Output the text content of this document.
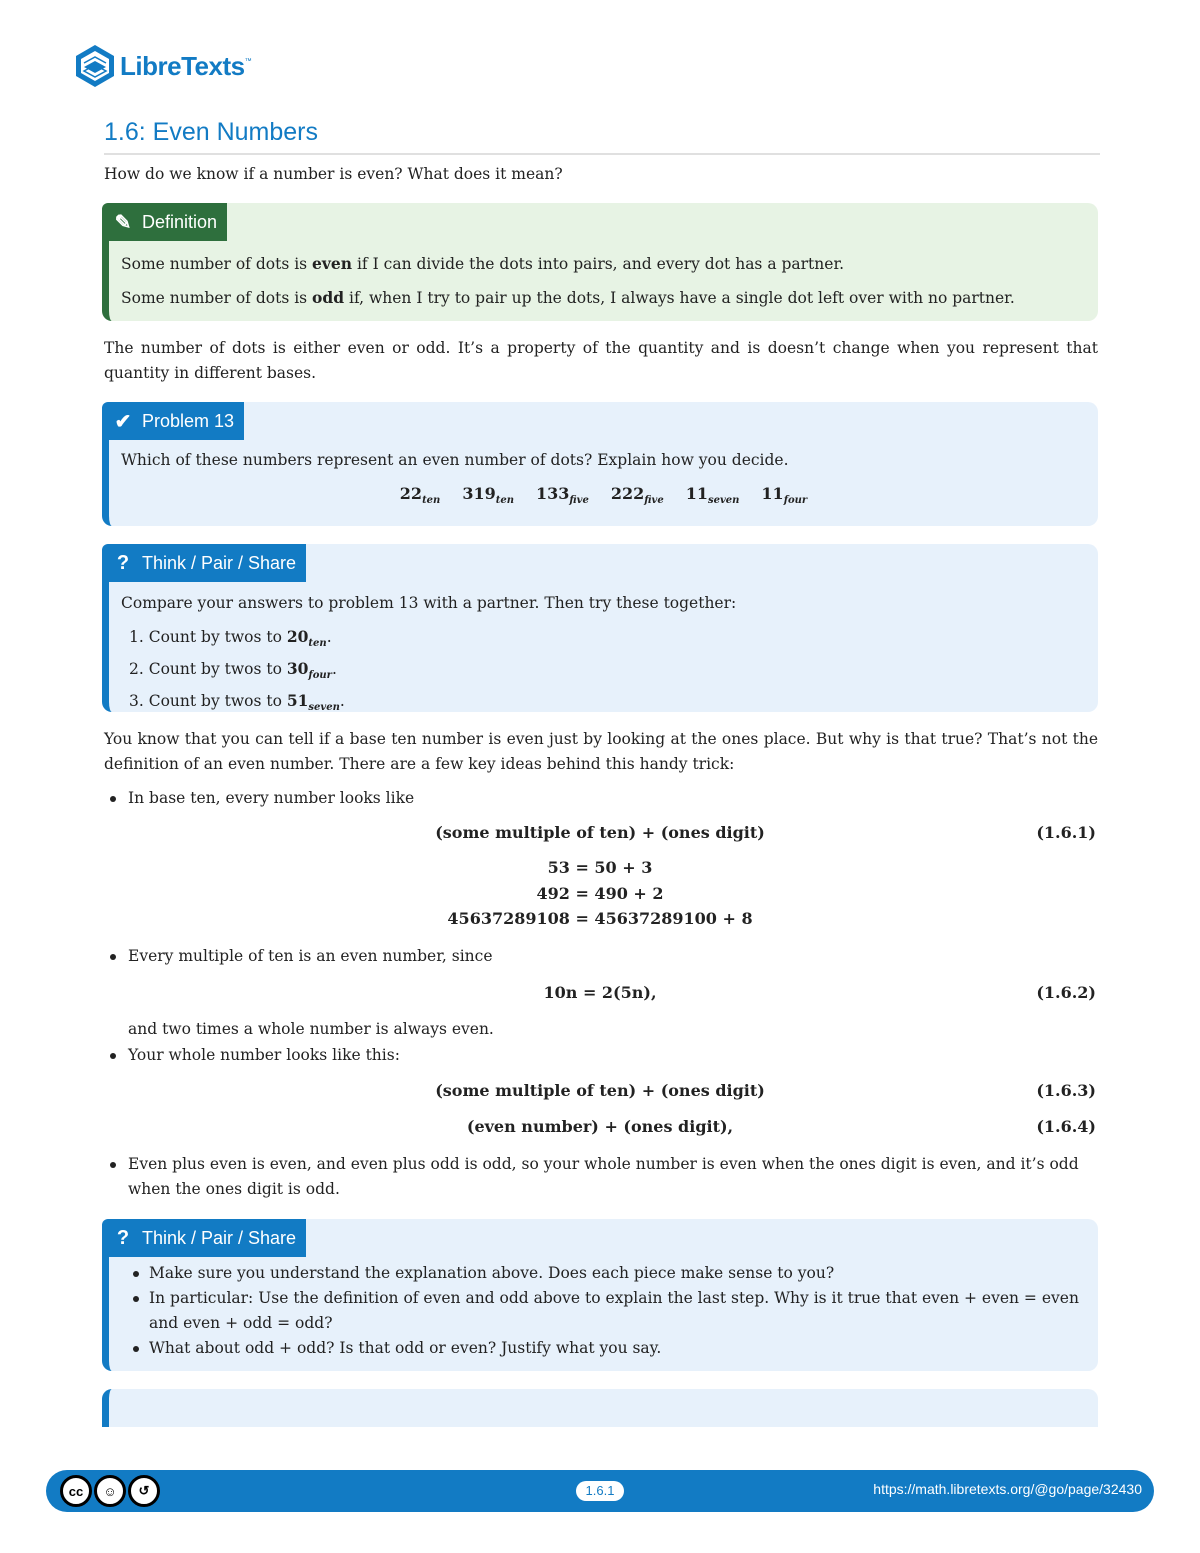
LibreTexts ™
1.6: Even Numbers
How do we know if a number is even? What does it mean?
✎ Definition
Some number of dots is even if I can divide the dots into pairs, and every dot has a partner.
Some number of dots is odd if, when I try to pair up the dots, I always have a single dot left over with no partner.
The number of dots is either even or odd. It’s a property of the quantity and is doesn’t change when you represent that quantity in different bases.
✔ Problem 13
Which of these numbers represent an even number of dots? Explain how you decide.
$22_{ten}$ $319_{ten}$ $133_{five}$ $222_{five}$ $11_{seven}$ $11_{four}$
? Think / Pair / Share
Compare your answers to problem 13 with a partner. Then try these together:
1. Count by twos to $20_{ten}$.
2. Count by twos to $30_{four}$.
3. Count by twos to $51_{seven}$.
You know that you can tell if a base ten number is even just by looking at the ones place. But why is that true? That’s not the definition of an even number. There are a few key ideas behind this handy trick:
In base ten, every number looks like
(some multiple of ten) + (ones digit)	(1.6.1)
53 = 50 + 3
492 = 490 + 2
45637289108 = 45637289100 + 8
Every multiple of ten is an even number, since
10n = 2(5n),	(1.6.2)
and two times a whole number is always even.
Your whole number looks like this:
(some multiple of ten) + (ones digit)	(1.6.3)
(even number) + (ones digit),	(1.6.4)
Even plus even is even, and even plus odd is odd, so your whole number is even when the ones digit is even, and it’s odd when the ones digit is odd.
? Think / Pair / Share
Make sure you understand the explanation above. Does each piece make sense to you?
In particular: Use the definition of even and odd above to explain the last step. Why is it true that even + even = even and even + odd = odd?
What about odd + odd? Is that odd or even? Justify what you say.
cc	☺	↺	1.6.1	https://math.libretexts.org/@go/page/32430
